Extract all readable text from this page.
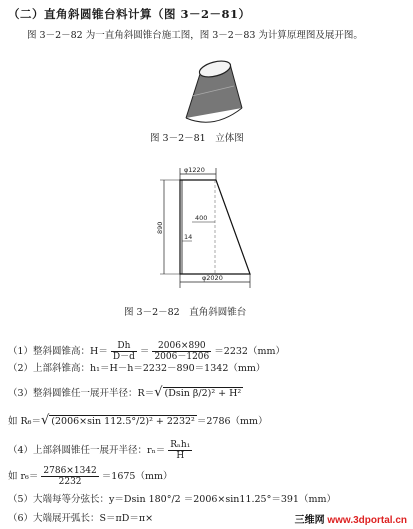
（二）直角斜圆锥台料计算（图 3－2－81）
图 3－2－82 为一直角斜圆锥台施工图，图 3－2－83 为计算原理图及展开图。
图 3－2－81　立体图
φ1220
890
400
14
φ2020
图 3－2－82　直角斜圆锥台
（1）整斜圆锥高：$H= \frac{Dh}{D-d} = \frac{2006\times 890}{2006-1206} =2232(mm)$
（2）上部斜锥高：h₁＝H－h＝2232－890＝1342（mm）
（3）整斜圆锥任一展开半径：R＝√ (Dsin β/2)² + H²
如 R₆＝√ (2006×sin 112.5°/2)² + 2232² ＝2786（mm）
（4）上部斜圆锥任一展开半径：$r_n= \frac{\text{Rₙh₁}}{H}$
如 $r_6= \frac{2786\times 1342}{2232} =1675(mm)$
（5）大端每等分弦长：y＝Dsin 180°/2 ＝2006×sin11.25°＝391（mm）
（6）大端展开弧长：S＝πD＝π×	三维网 www.3dportal.cn
